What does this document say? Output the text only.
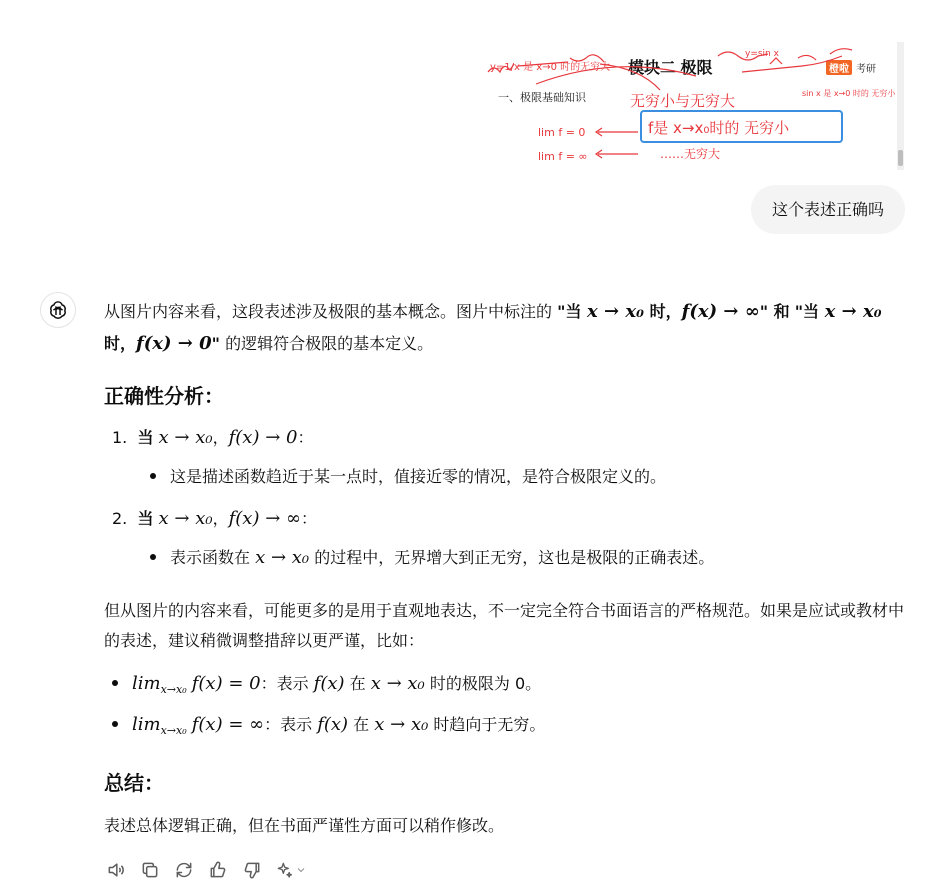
模块二 极限
一、极限基础知识
橙啦 考研
y=1/x 是 x→0 时的无穷大
y=sin x
无穷小与无穷大	sin x 是 x→0 时的 无穷小
f是 x→x₀时的 无穷小
lim f = 0
lim f = ∞	……无穷大
这个表述正确吗

从图片内容来看，这段表述涉及极限的基本概念。图片中标注的 "当 x → x₀ 时，f(x) → ∞" 和 "当 x → x₀ 时，f(x) → 0" 的逻辑符合极限的基本定义。

正确性分析：
1. 当 x → x₀，f(x) → 0：
这是描述函数趋近于某一点时，值接近零的情况，是符合极限定义的。
2. 当 x → x₀，f(x) → ∞：
表示函数在 x → x₀ 的过程中，无界增大到正无穷，这也是极限的正确表述。

但从图片的内容来看，可能更多的是用于直观地表达，不一定完全符合书面语言的严格规范。如果是应试或教材中的表述，建议稍微调整措辞以更严谨，比如：

$\lim_{x\to x_0} f(x) = 0$：表示 f(x) 在 x → x₀ 时的极限为 0。
$\lim_{x\to x_0} f(x)$ = ∞：表示 f(x) 在 x → x₀ 时趋向于无穷。
总结：
表述总体逻辑正确，但在书面严谨性方面可以稍作修改。
